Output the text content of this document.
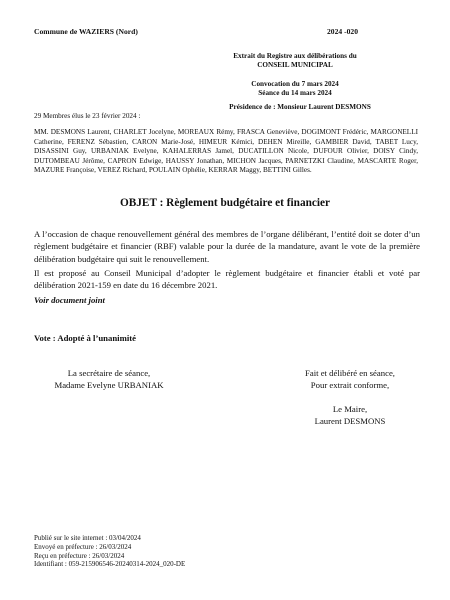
Commune de WAZIERS (Nord)	2024 -020
Extrait du Registre aux délibérations du
CONSEIL MUNICIPAL
Convocation du 7 mars 2024
Séance du 14 mars 2024
Présidence de : Monsieur Laurent DESMONS
29 Membres élus le 23 février 2024 :
MM. DESMONS Laurent, CHARLET Jocelyne, MOREAUX Rémy, FRASCA Geneviève, DOGIMONT Frédéric, MARGONELLI Catherine, FERENZ Sébastien, CARON Marie-José, HIMEUR Kémici, DEHEN Mireille, GAMBIER David, TABET Lucy, DISASSINI Guy, URBANIAK Evelyne, KAHALERRAS Jamel, DUCATILLON Nicole, DUFOUR Olivier, DOISY Cindy, DUTOMBEAU Jérôme, CAPRON Edwige, HAUSSY Jonathan, MICHON Jacques, PARNETZKI Claudine, MASCARTE Roger, MAZURE Françoise, VEREZ Richard, POULAIN Ophélie, KERRAR Maggy, BETTINI Gilles.
OBJET : Règlement budgétaire et financier
A l’occasion de chaque renouvellement général des membres de l’organe délibérant, l’entité doit se doter d’un règlement budgétaire et financier (RBF) valable pour la durée de la mandature, avant le vote de la première délibération budgétaire qui suit le renouvellement.
Il est proposé au Conseil Municipal d’adopter le règlement budgétaire et financier établi et voté par délibération 2021-159 en date du 16 décembre 2021.
Voir document joint
Vote : Adopté à l’unanimité
La secrétaire de séance,
Madame Evelyne URBANIAK
Fait et délibéré en séance,
Pour extrait conforme,
Le Maire,
Laurent DESMONS
Publié sur le site internet : 03/04/2024
Envoyé en préfecture : 26/03/2024
Reçu en préfecture : 26/03/2024
Identifiant : 059-215906546-20240314-2024_020-DE
